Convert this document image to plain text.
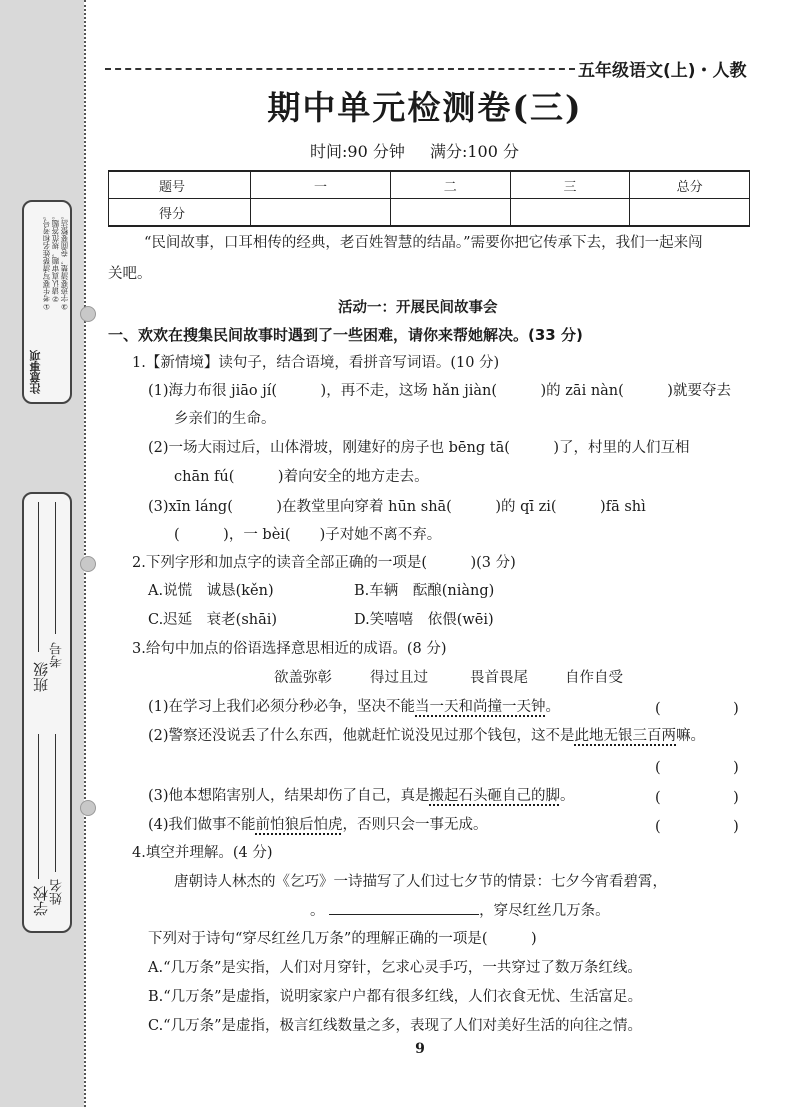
注意事项
①考生要写清楚姓名和考号。 ②请认真审题，规范答题。 ③字迹要清楚，卷面要整洁。
班级
考号
学校 姓名
五年级语文(上)・人教
期中单元检测卷(三)
时间:90 分钟 满分:100 分
题号	一	二	三	总分
得分				
“民间故事，口耳相传的经典，老百姓智慧的结晶。”需要你把它传承下去，我们一起来闯
关吧。
活动一：开展民间故事会
一、欢欢在搜集民间故事时遇到了一些困难，请你来帮她解决。(33 分)
1.【新情境】读句子，结合语境，看拼音写词语。(10 分)
(1)海力布很 jiāo jí(　　　)，再不走，这场 hǎn jiàn(　　　)的 zāi nàn(　　　)就要夺去
乡亲们的生命。
(2)一场大雨过后，山体滑坡，刚建好的房子也 bēng tā(　　　)了，村里的人们互相
chān fú(　　　)着向安全的地方走去。
(3)xīn láng(　　　)在教堂里向穿着 hūn shā(　　　)的 qī zi(　　　)fā shì
(　　　)，一 bèi(　　)子对她不离不弃。
2.下列字形和加点字的读音全部正确的一项是(　　　)(3 分)
A.说慌　诚恳(kěn)	B.车辆　酝酿(niàng)
C.迟延　衰老(shāi)	D.笑嘻嘻　依偎(wēi)
3.给句中加点的俗语选择意思相近的成语。(8 分)
欲盖弥彰	得过且过	畏首畏尾	自作自受
(1)在学习上我们必须分秒必争，坚决不能当一天和尚撞一天钟。	(　　　　　)
(2)警察还没说丢了什么东西，他就赶忙说没见过那个钱包，这不是此地无银三百两嘛。
(　　　　　)
(3)他本想陷害别人，结果却伤了自己，真是搬起石头砸自己的脚。	(　　　　　)
(4)我们做事不能前怕狼后怕虎，否则只会一事无成。	(　　　　　)
4.填空并理解。(4 分)
唐朝诗人林杰的《乞巧》一诗描写了人们过七夕节的情景：七夕今宵看碧霄，
。	，穿尽红丝几万条。
下列对于诗句“穿尽红丝几万条”的理解正确的一项是(　　　)
A.“几万条”是实指，人们对月穿针，乞求心灵手巧，一共穿过了数万条红线。
B.“几万条”是虚指，说明家家户户都有很多红线，人们衣食无忧、生活富足。
C.“几万条”是虚指，极言红线数量之多，表现了人们对美好生活的向往之情。
9
